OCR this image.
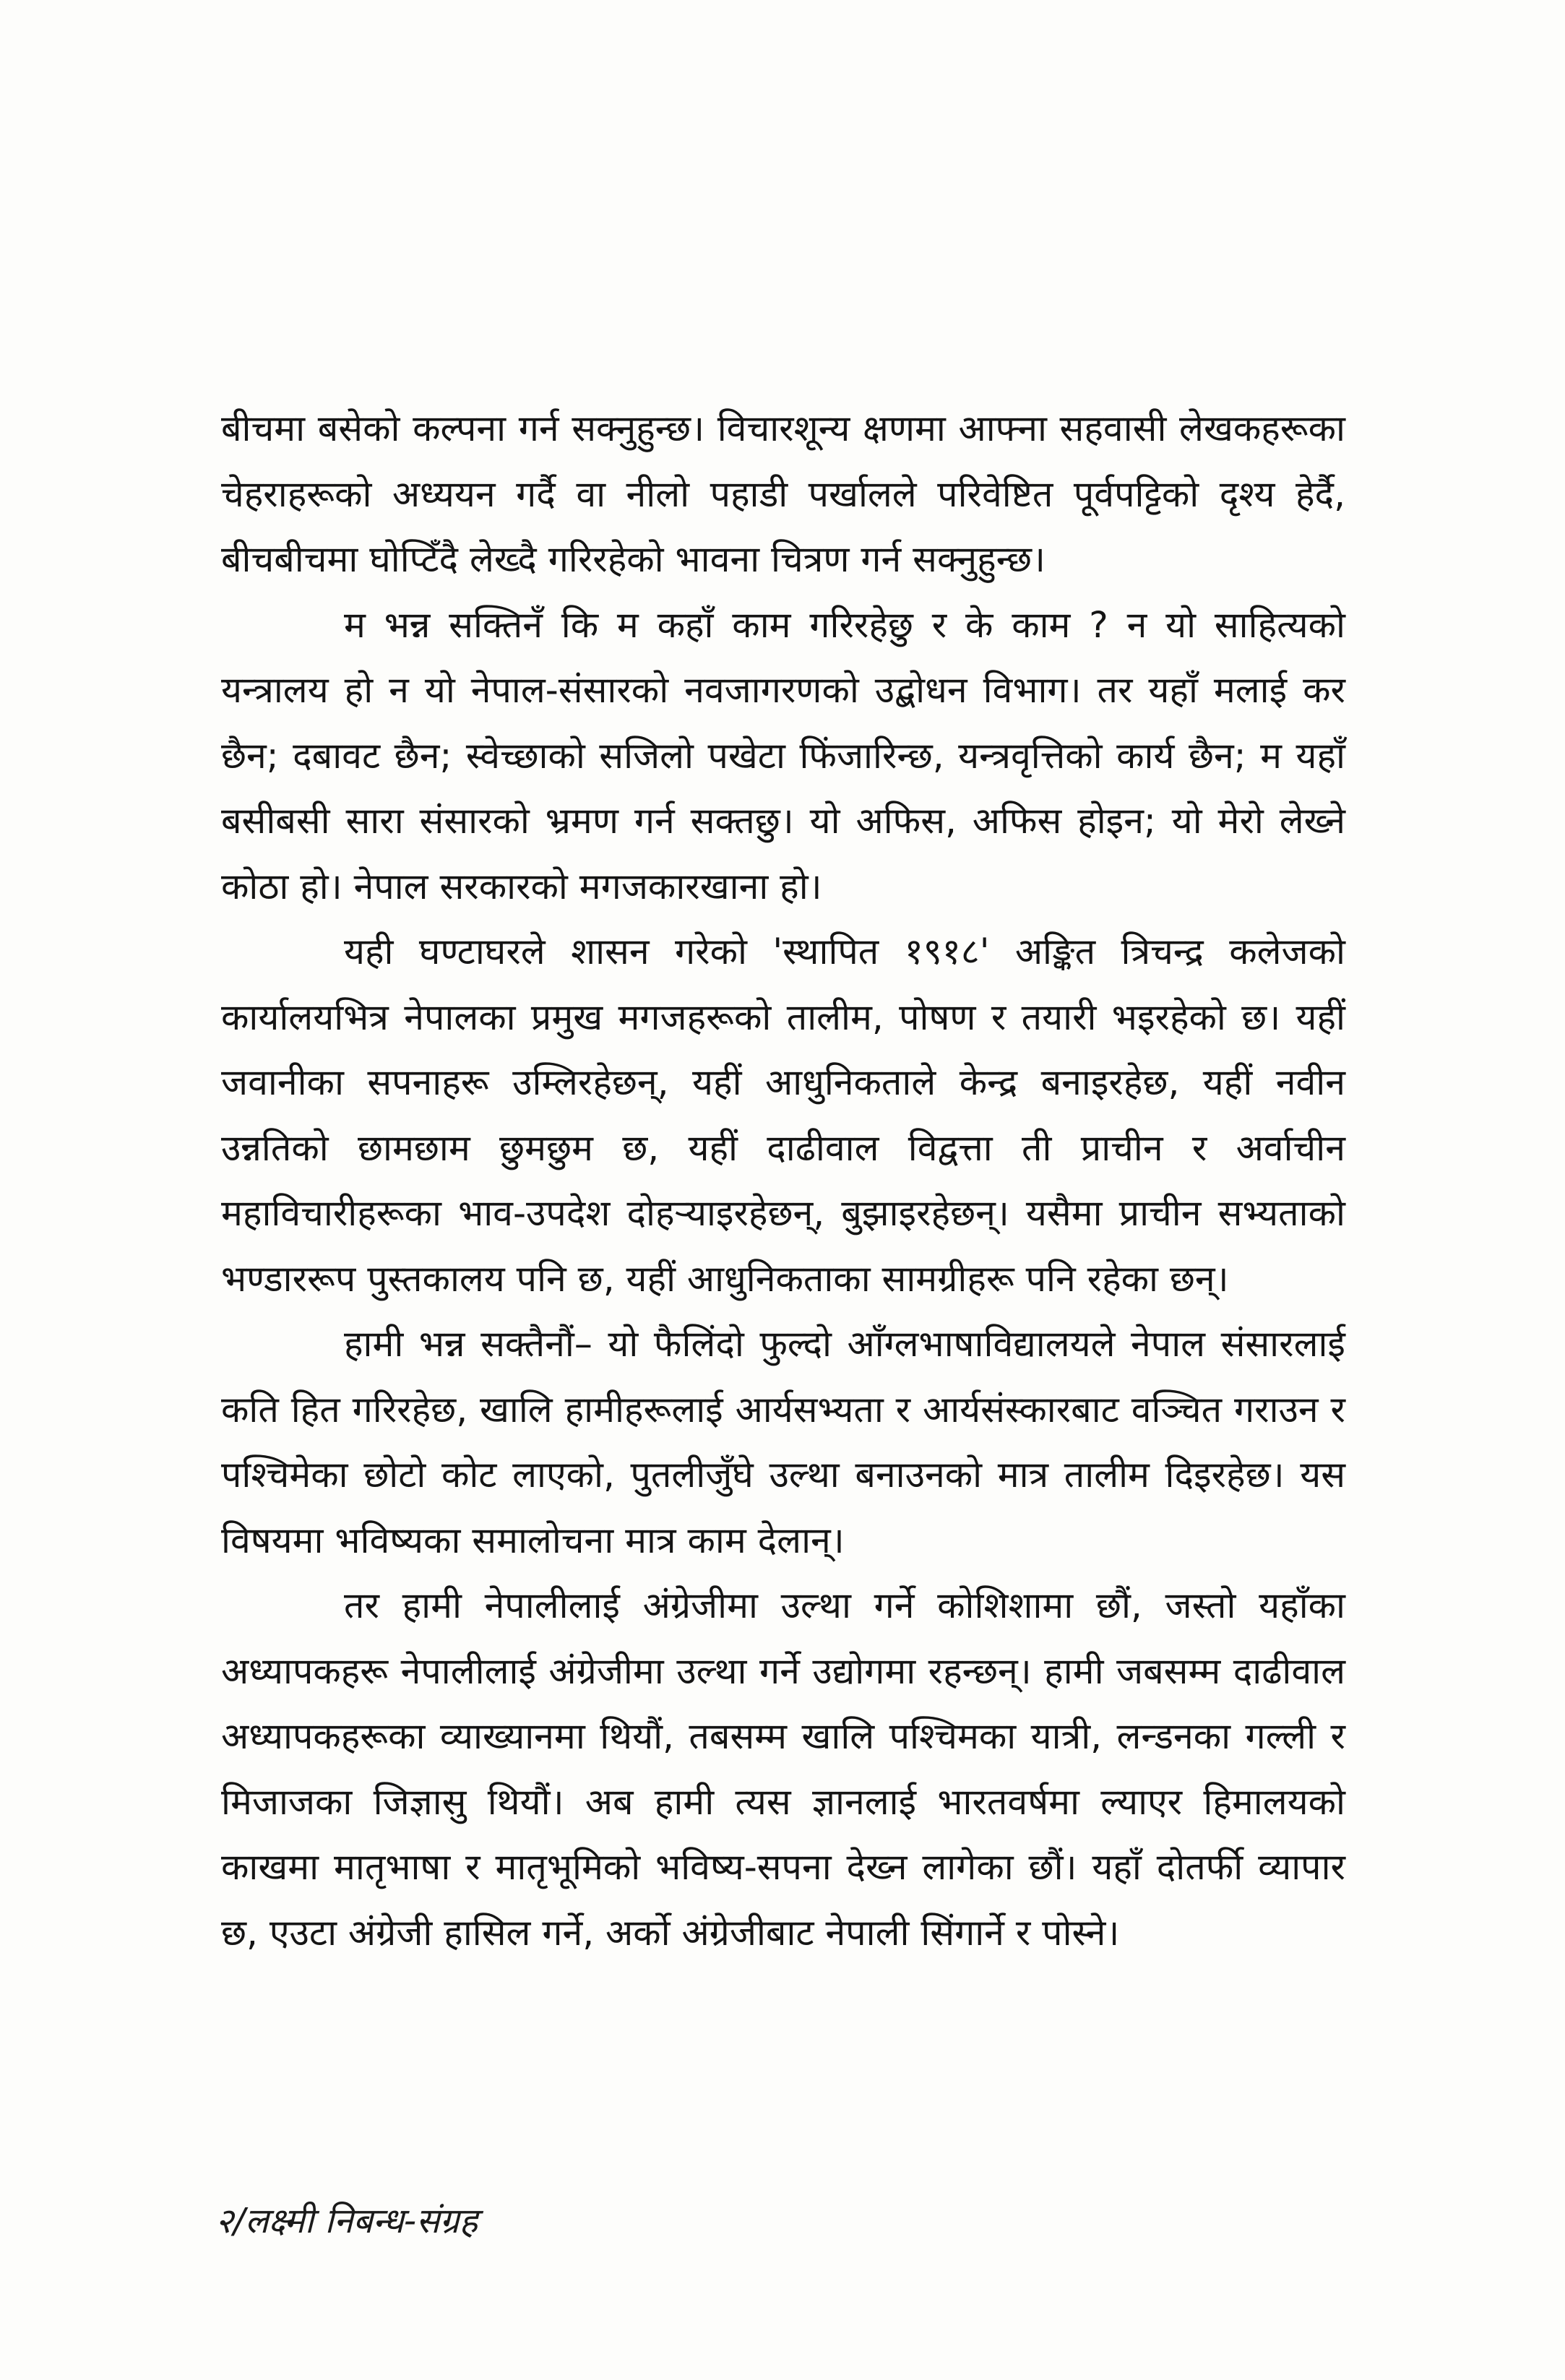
बीचमा बसेको कल्पना गर्न सक्नुहुन्छ। विचारशून्य क्षणमा आफ्ना सहवासी लेखकहरूका चेहराहरूको अध्ययन गर्दै वा नीलो पहाडी पर्खालले परिवेष्टित पूर्वपट्टिको दृश्य हेर्दै, बीचबीचमा घोप्टिँदै लेख्दै गरिरहेको भावना चित्रण गर्न सक्नुहुन्छ।

म भन्न सक्तिनँ कि म कहाँ काम गरिरहेछु र के काम ? न यो साहित्यको यन्त्रालय हो न यो नेपाल-संसारको नवजागरणको उद्बोधन विभाग। तर यहाँ मलाई कर छैन; दबावट छैन; स्वेच्छाको सजिलो पखेटा फिंजारिन्छ, यन्त्रवृत्तिको कार्य छैन; म यहाँ बसीबसी सारा संसारको भ्रमण गर्न सक्तछु। यो अफिस, अफिस होइन; यो मेरो लेख्ने कोठा हो। नेपाल सरकारको मगजकारखाना हो।

यही घण्टाघरले शासन गरेको 'स्थापित १९१८' अङ्कित त्रिचन्द्र कलेजको कार्यालयभित्र नेपालका प्रमुख मगजहरूको तालीम, पोषण र तयारी भइरहेको छ। यहीं जवानीका सपनाहरू उम्लिरहेछन्, यहीं आधुनिकताले केन्द्र बनाइरहेछ, यहीं नवीन उन्नतिको छामछाम छुमछुम छ, यहीं दाढीवाल विद्वत्ता ती प्राचीन र अर्वाचीन महाविचारीहरूका भाव-उपदेश दोहऱ्याइरहेछन्, बुझाइरहेछन्। यसैमा प्राचीन सभ्यताको भण्डाररूप पुस्तकालय पनि छ, यहीं आधुनिकताका सामग्रीहरू पनि रहेका छन्।

हामी भन्न सक्तैनौं– यो फैलिंदो फुल्दो आँग्लभाषाविद्यालयले नेपाल संसारलाई कति हित गरिरहेछ, खालि हामीहरूलाई आर्यसभ्यता र आर्यसंस्कारबाट वञ्चित गराउन र पश्चिमेका छोटो कोट लाएको, पुतलीजुँघे उल्था बनाउनको मात्र तालीम दिइरहेछ। यस विषयमा भविष्यका समालोचना मात्र काम देलान्।

तर हामी नेपालीलाई अंग्रेजीमा उल्था गर्ने कोशिशामा छौं, जस्तो यहाँका अध्यापकहरू नेपालीलाई अंग्रेजीमा उल्था गर्ने उद्योगमा रहन्छन्। हामी जबसम्म दाढीवाल अध्यापकहरूका व्याख्यानमा थियौं, तबसम्म खालि पश्चिमका यात्री, लन्डनका गल्ली र मिजाजका जिज्ञासु थियौं। अब हामी त्यस ज्ञानलाई भारतवर्षमा ल्याएर हिमालयको काखमा मातृभाषा र मातृभूमिको भविष्य-सपना देख्न लागेका छौं। यहाँ दोतर्फी व्यापार छ, एउटा अंग्रेजी हासिल गर्ने, अर्को अंग्रेजीबाट नेपाली सिंगार्ने र पोस्ने।

२/लक्ष्मी निबन्ध-संग्रह
